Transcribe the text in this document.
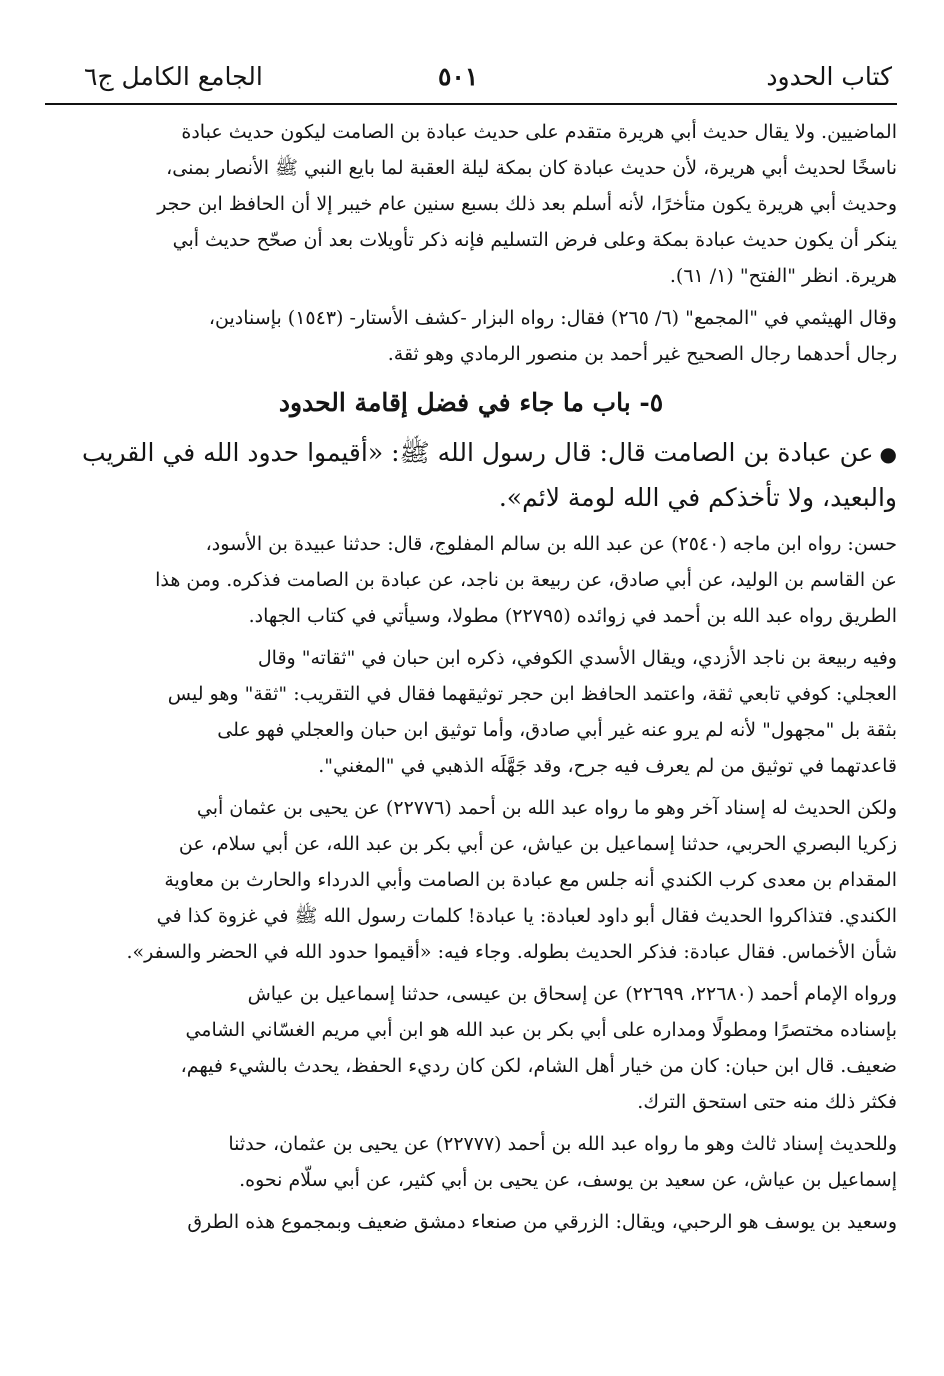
كتاب الحدود
٥٠١
الجامع الكامل ج٦
الماضيين. ولا يقال حديث أبي هريرة متقدم على حديث عبادة بن الصامت ليكون حديث عبادة
ناسخًا لحديث أبي هريرة، لأن حديث عبادة كان بمكة ليلة العقبة لما بايع النبي ﷺ الأنصار بمنى،
وحديث أبي هريرة يكون متأخرًا، لأنه أسلم بعد ذلك بسبع سنين عام خيبر إلا أن الحافظ ابن حجر
ينكر أن يكون حديث عبادة بمكة وعلى فرض التسليم فإنه ذكر تأويلات بعد أن صحّح حديث أبي
هريرة. انظر "الفتح" (١/ ٦١).
وقال الهيثمي في "المجمع" (٦/ ٢٦٥) فقال: رواه البزار -كشف الأستار- (١٥٤٣) بإسنادين،
رجال أحدهما رجال الصحيح غير أحمد بن منصور الرمادي وهو ثقة.
٥- باب ما جاء في فضل إقامة الحدود
●عن عبادة بن الصامت قال: قال رسول الله ﷺ: «أقيموا حدود الله في القريب
والبعيد، ولا تأخذكم في الله لومة لائم».
حسن: رواه ابن ماجه (٢٥٤٠) عن عبد الله بن سالم المفلوج، قال: حدثنا عبيدة بن الأسود،
عن القاسم بن الوليد، عن أبي صادق، عن ربيعة بن ناجد، عن عبادة بن الصامت فذكره. ومن هذا
الطريق رواه عبد الله بن أحمد في زوائده (٢٢٧٩٥) مطولا، وسيأتي في كتاب الجهاد.
وفيه ربيعة بن ناجد الأزدي، ويقال الأسدي الكوفي، ذكره ابن حبان في "ثقاته" وقال
العجلي: كوفي تابعي ثقة، واعتمد الحافظ ابن حجر توثيقهما فقال في التقريب: "ثقة" وهو ليس
بثقة بل "مجهول" لأنه لم يرو عنه غير أبي صادق، وأما توثيق ابن حبان والعجلي فهو على
قاعدتهما في توثيق من لم يعرف فيه جرح، وقد جَهَّلَه الذهبي في "المغني".
ولكن الحديث له إسناد آخر وهو ما رواه عبد الله بن أحمد (٢٢٧٧٦) عن يحيى بن عثمان أبي
زكريا البصري الحربي، حدثنا إسماعيل بن عياش، عن أبي بكر بن عبد الله، عن أبي سلام، عن
المقدام بن معدى كرب الكندي أنه جلس مع عبادة بن الصامت وأبي الدرداء والحارث بن معاوية
الكندي. فتذاكروا الحديث فقال أبو داود لعبادة: يا عبادة! كلمات رسول الله ﷺ في غزوة كذا في
شأن الأخماس. فقال عبادة: فذكر الحديث بطوله. وجاء فيه: «أقيموا حدود الله في الحضر والسفر».
ورواه الإمام أحمد (٢٢٦٨٠، ٢٢٦٩٩) عن إسحاق بن عيسى، حدثنا إسماعيل بن عياش
بإسناده مختصرًا ومطولًا ومداره على أبي بكر بن عبد الله هو ابن أبي مريم الغسّاني الشامي
ضعيف. قال ابن حبان: كان من خيار أهل الشام، لكن كان رديء الحفظ، يحدث بالشيء فيهم،
فكثر ذلك منه حتى استحق الترك.
وللحديث إسناد ثالث وهو ما رواه عبد الله بن أحمد (٢٢٧٧٧) عن يحيى بن عثمان، حدثنا
إسماعيل بن عياش، عن سعيد بن يوسف، عن يحيى بن أبي كثير، عن أبي سلّام نحوه.
وسعيد بن يوسف هو الرحبي، ويقال: الزرقي من صنعاء دمشق ضعيف وبمجموع هذه الطرق
